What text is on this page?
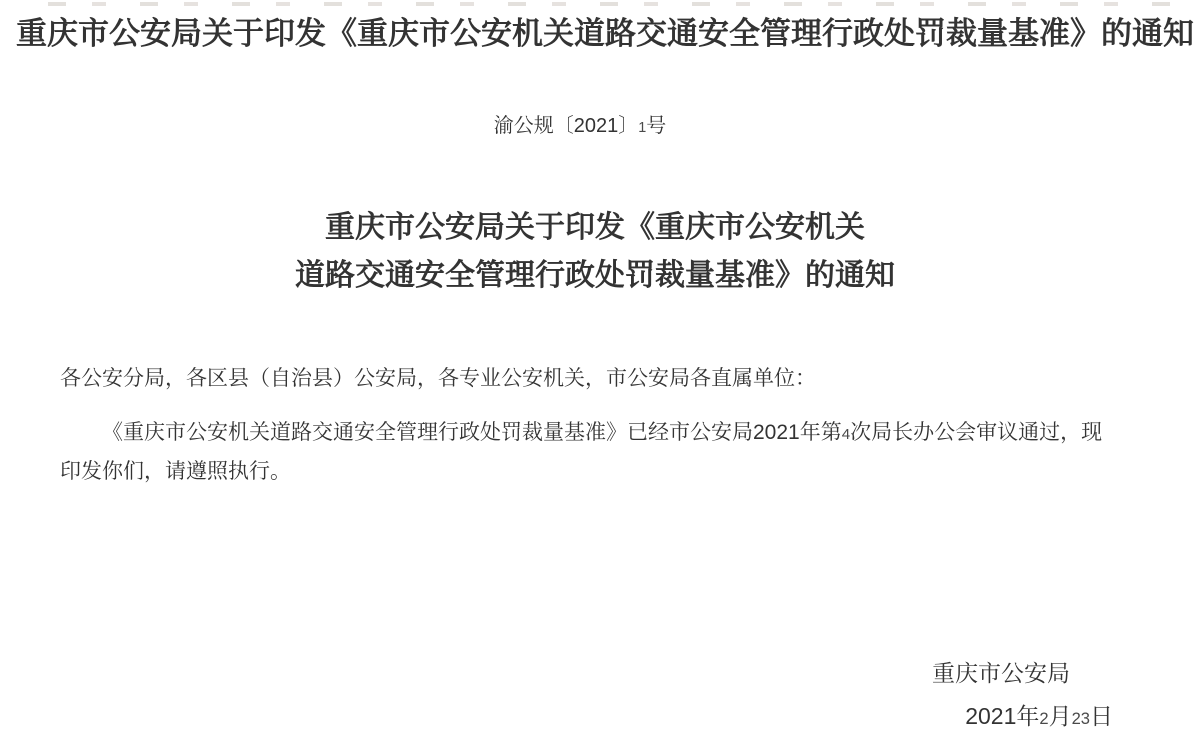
重庆市公安局关于印发《重庆市公安机关道路交通安全管理行政处罚裁量基准》的通知
渝公规〔2021〕1号
重庆市公安局关于印发《重庆市公安机关
道路交通安全管理行政处罚裁量基准》的通知

各公安分局，各区县（自治县）公安局，各专业公安机关，市公安局各直属单位：

《重庆市公安机关道路交通安全管理行政处罚裁量基准》已经市公安局2021年第4次局长办公会审议通过，现
印发你们，请遵照执行。

重庆市公安局
2021年2月23日
